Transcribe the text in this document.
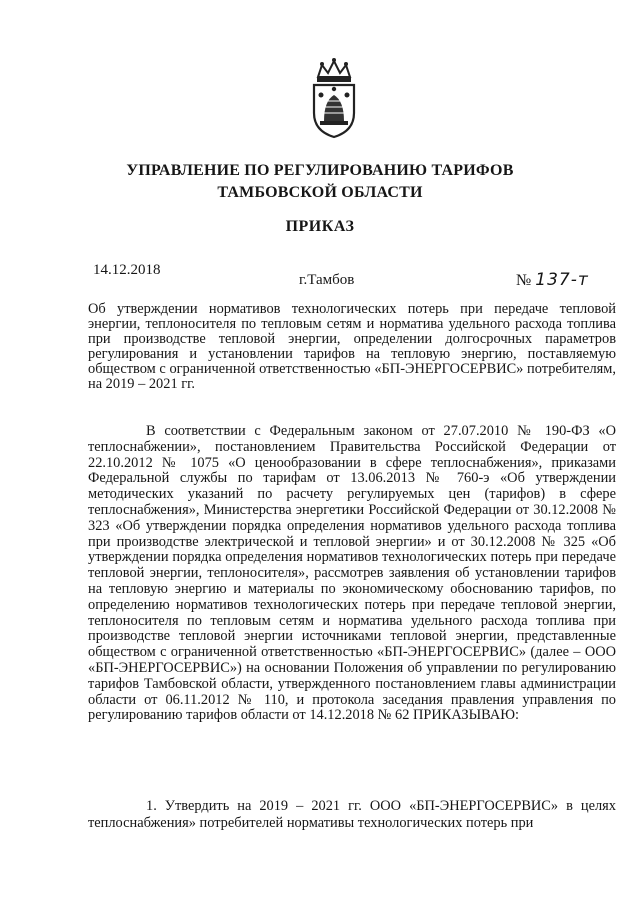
УПРАВЛЕНИЕ ПО РЕГУЛИРОВАНИЮ ТАРИФОВ
ТАМБОВСКОЙ ОБЛАСТИ
ПРИКАЗ
14.12.2018
г.Тамбов	№ 137-т
Об утверждении нормативов технологических потерь при передаче тепловой энергии, теплоносителя по тепловым сетям и норматива удельного расхода топлива при производстве тепловой энергии, определении долгосрочных параметров регулирования и установлении тарифов на тепловую энергию, поставляемую обществом с ограниченной ответственностью «БП-ЭНЕРГОСЕРВИС» потребителям, на 2019 – 2021 гг.

В соответствии с Федеральным законом от 27.07.2010 № 190-ФЗ «О теплоснабжении», постановлением Правительства Российской Федерации от 22.10.2012 № 1075 «О ценообразовании в сфере теплоснабжения», приказами Федеральной службы по тарифам от 13.06.2013 № 760-э «Об утверждении методических указаний по расчету регулируемых цен (тарифов) в сфере теплоснабжения», Министерства энергетики Российской Федерации от 30.12.2008 № 323 «Об утверждении порядка определения нормативов удельного расхода топлива при производстве электрической и тепловой энергии» и от 30.12.2008 № 325 «Об утверждении порядка определения нормативов технологических потерь при передаче тепловой энергии, теплоносителя», рассмотрев заявления об установлении тарифов на тепловую энергию и материалы по экономическому обоснованию тарифов, по определению нормативов технологических потерь при передаче тепловой энергии, теплоносителя по тепловым сетям и норматива удельного расхода топлива при производстве тепловой энергии источниками тепловой энергии, представленные обществом с ограниченной ответственностью «БП-ЭНЕРГОСЕРВИС» (далее – ООО «БП-ЭНЕРГОСЕРВИС») на основании Положения об управлении по регулированию тарифов Тамбовской области, утвержденного постановлением главы администрации области от 06.11.2012 № 110, и протокола заседания правления управления по регулированию тарифов области от 14.12.2018 № 62 ПРИКАЗЫВАЮ:

1. Утвердить на 2019 – 2021 гг. ООО «БП-ЭНЕРГОСЕРВИС» в целях теплоснабжения» потребителей нормативы технологических потерь при
